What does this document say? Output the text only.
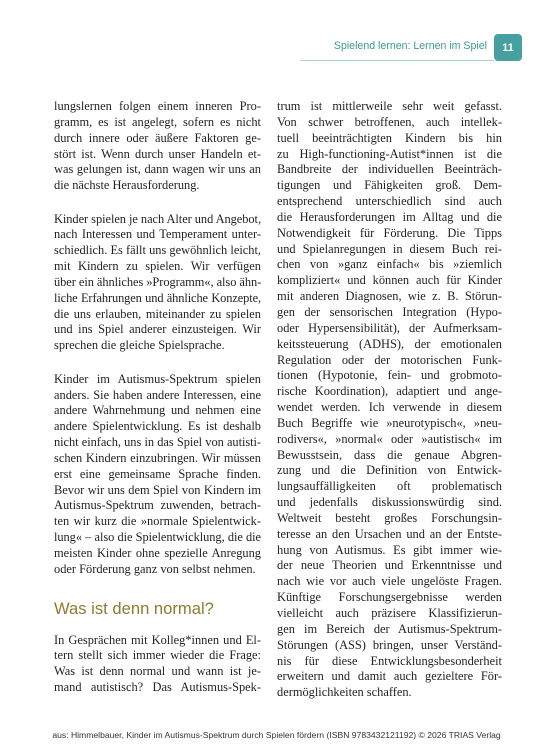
Spielend lernen: Lernen im Spiel 11
lungslernen folgen einem inneren Pro-
gramm, es ist angelegt, sofern es nicht
durch innere oder äußere Faktoren ge-
stört ist. Wenn durch unser Handeln et-
was gelungen ist, dann wagen wir uns an
die nächste Herausforderung.
Kinder spielen je nach Alter und Angebot,
nach Interessen und Temperament unter-
schiedlich. Es fällt uns gewöhnlich leicht,
mit Kindern zu spielen. Wir verfügen
über ein ähnliches »Programm«, also ähn-
liche Erfahrungen und ähnliche Konzepte,
die uns erlauben, miteinander zu spielen
und ins Spiel anderer einzusteigen. Wir
sprechen die gleiche Spielsprache.
Kinder im Autismus-Spektrum spielen
anders. Sie haben andere Interessen, eine
andere Wahrnehmung und nehmen eine
andere Spielentwicklung. Es ist deshalb
nicht einfach, uns in das Spiel von autisti-
schen Kindern einzubringen. Wir müssen
erst eine gemeinsame Sprache finden.
Bevor wir uns dem Spiel von Kindern im
Autismus-Spektrum zuwenden, betrach-
ten wir kurz die »normale Spielentwick-
lung« – also die Spielentwicklung, die die
meisten Kinder ohne spezielle Anregung
oder Förderung ganz von selbst nehmen.
Was ist denn normal?
In Gesprächen mit Kolleg*innen und El-
tern stellt sich immer wieder die Frage:
Was ist denn normal und wann ist je-
mand autistisch? Das Autismus-Spek-
trum ist mittlerweile sehr weit gefasst.
Von schwer betroffenen, auch intellek-
tuell beeinträchtigten Kindern bis hin
zu High-functioning-Autist*innen ist die
Bandbreite der individuellen Beeinträch-
tigungen und Fähigkeiten groß. Dem-
entsprechend unterschiedlich sind auch
die Herausforderungen im Alltag und die
Notwendigkeit für Förderung. Die Tipps
und Spielanregungen in diesem Buch rei-
chen von »ganz einfach« bis »ziemlich
kompliziert« und können auch für Kinder
mit anderen Diagnosen, wie z. B. Störun-
gen der sensorischen Integration (Hypo-
oder Hypersensibilität), der Aufmerksam-
keitssteuerung (ADHS), der emotionalen
Regulation oder der motorischen Funk-
tionen (Hypotonie, fein- und grobmoto-
rische Koordination), adaptiert und ange-
wendet werden. Ich verwende in diesem
Buch Begriffe wie »neurotypisch«, »neu-
rodivers«, »normal« oder »autistisch« im
Bewusstsein, dass die genaue Abgren-
zung und die Definition von Entwick-
lungsauffälligkeiten oft problematisch
und jedenfalls diskussionswürdig sind.
Weltweit besteht großes Forschungsin-
teresse an den Ursachen und an der Entste-
hung von Autismus. Es gibt immer wie-
der neue Theorien und Erkenntnisse und
nach wie vor auch viele ungelöste Fragen.
Künftige Forschungsergebnisse werden
vielleicht auch präzisere Klassifizierun-
gen im Bereich der Autismus-Spektrum-
Störungen (ASS) bringen, unser Verständ-
nis für diese Entwicklungsbesonderheit
erweitern und damit auch gezieltere För-
dermöglichkeiten schaffen.
aus: Himmelbauer, Kinder im Autismus-Spektrum durch Spielen fördern (ISBN 9783432121192) © 2026 TRIAS Verlag
